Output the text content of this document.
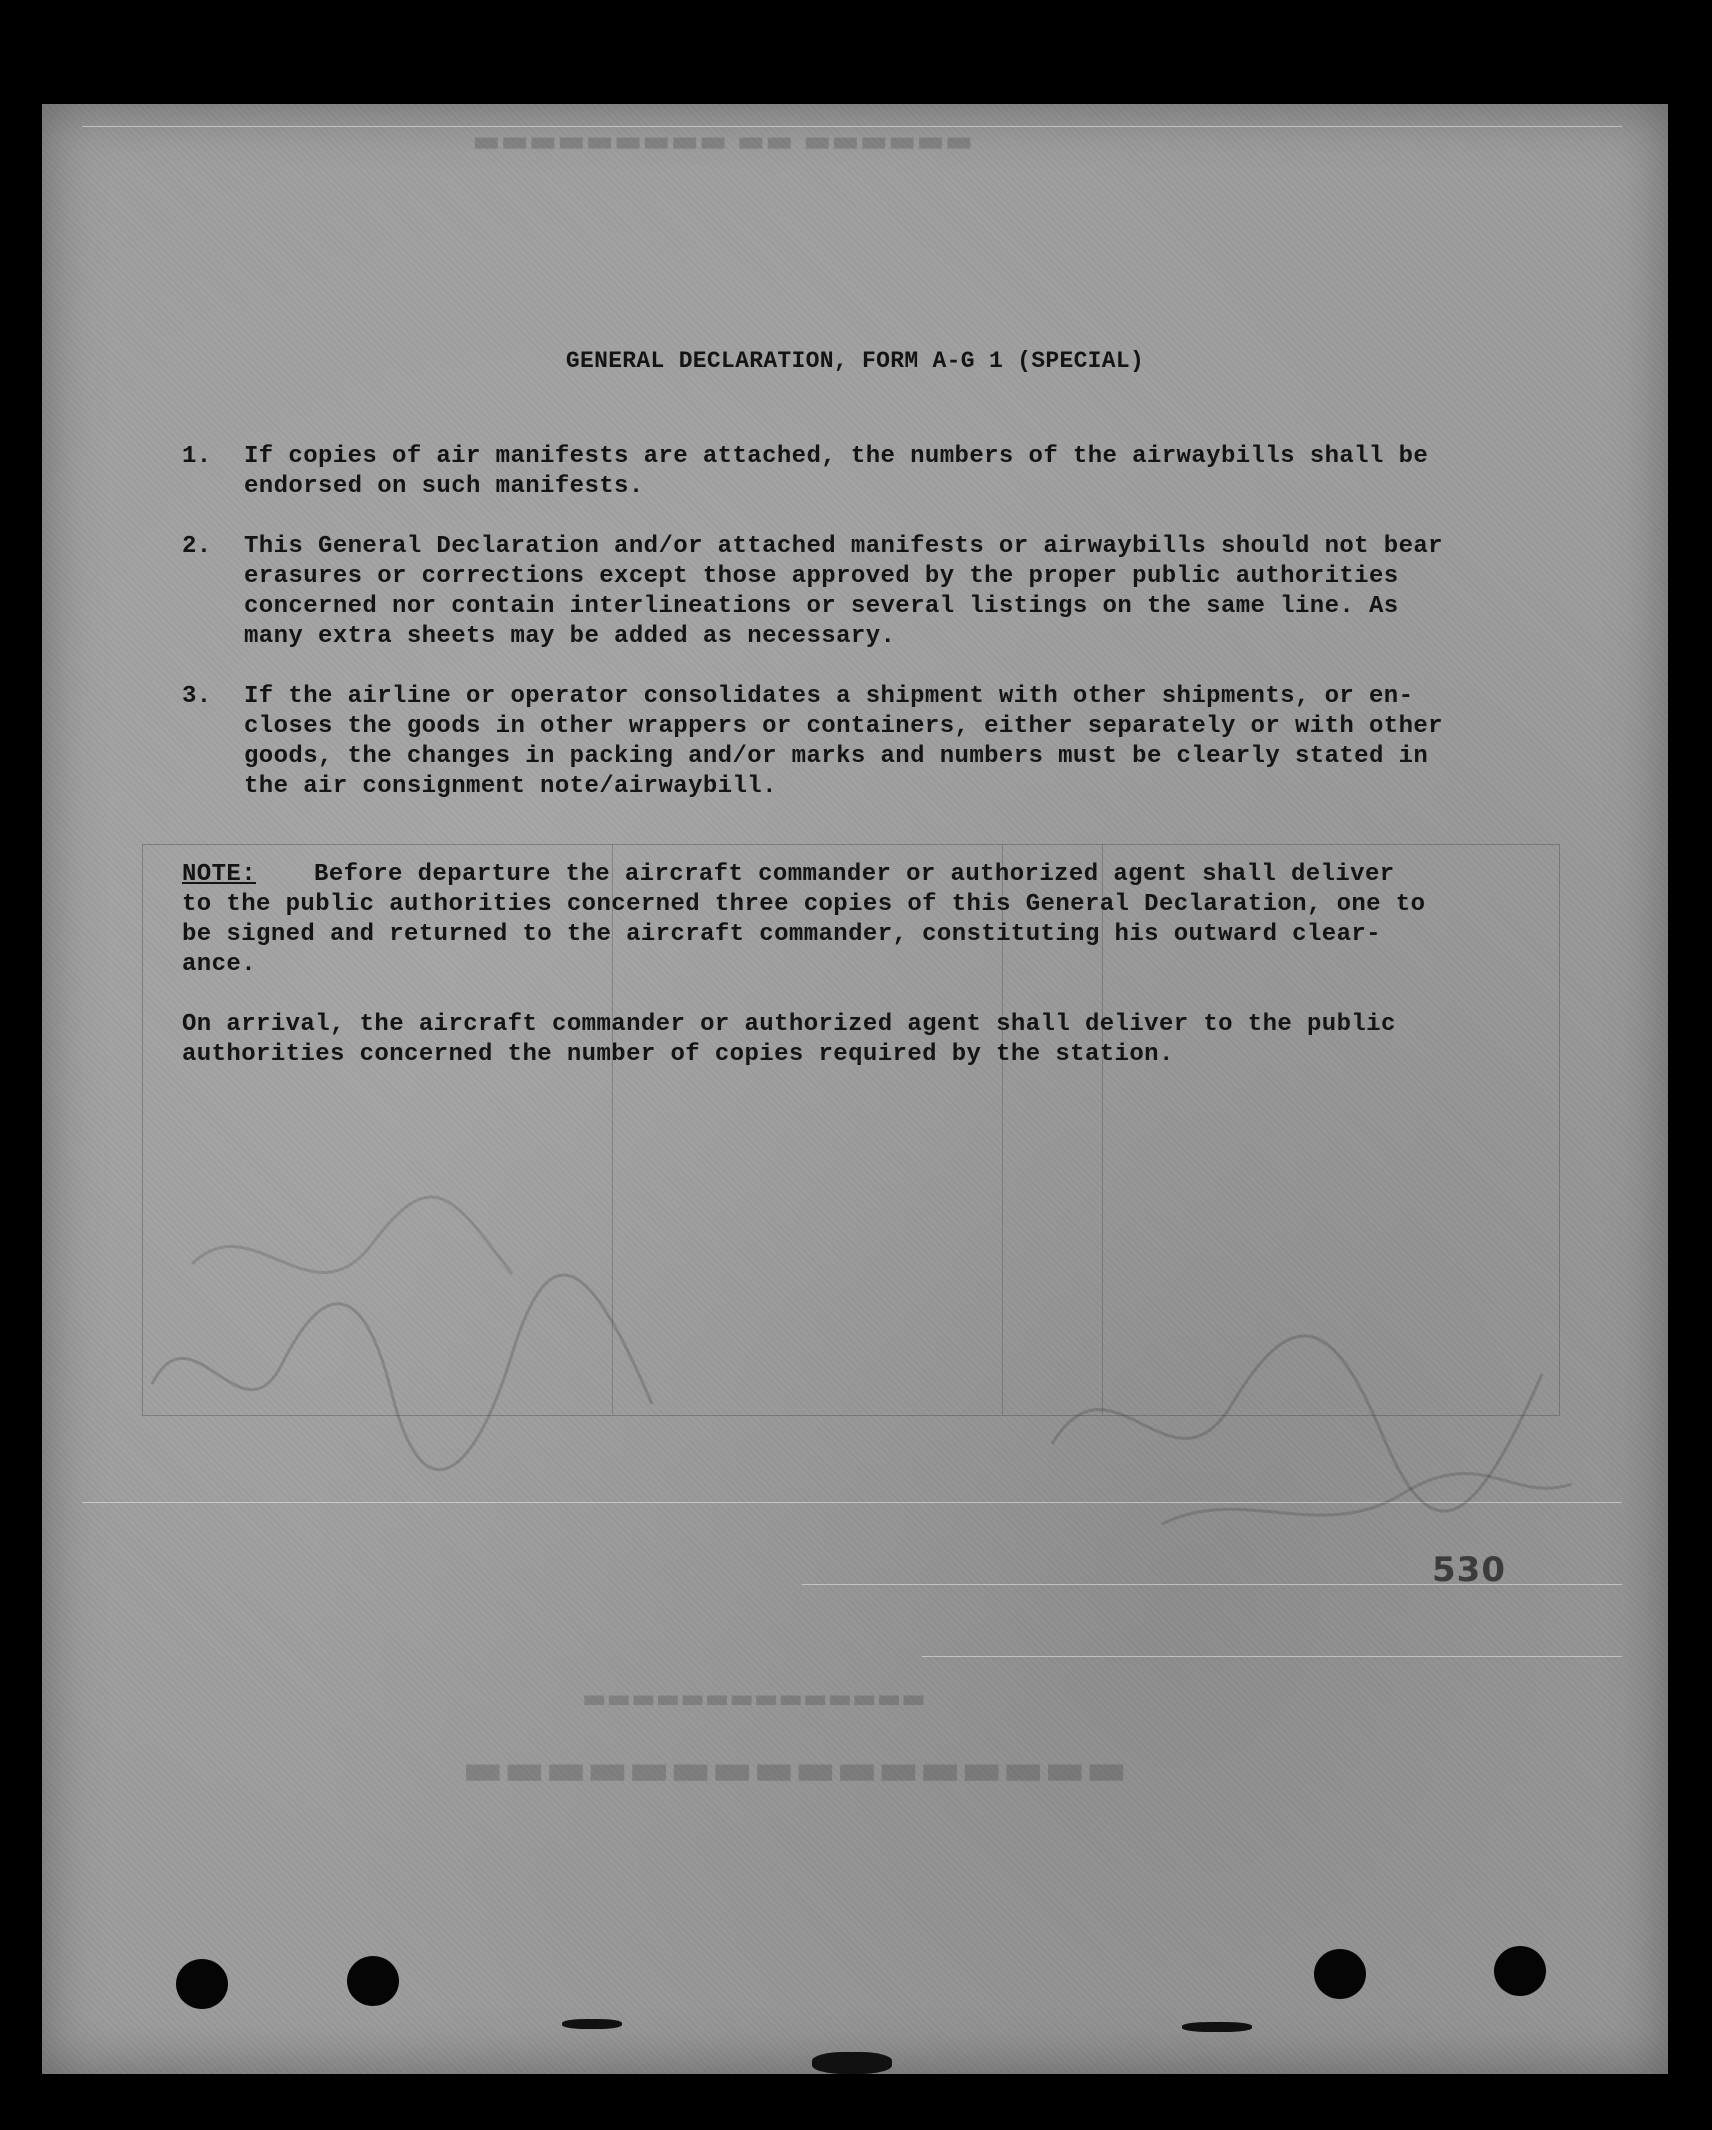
▬▬▬▬▬▬ ▬▬ ▬▬▬▬▬▬▬▬▬
▬▬▬▬▬▬▬▬▬▬▬▬▬▬▬▬
▬▬▬▬▬▬▬▬▬▬▬▬▬▬
GENERAL DECLARATION, FORM A-G 1 (SPECIAL)
1.	If copies of air manifests are attached, the numbers of the airwaybills shall be
endorsed on such manifests.
2.	This General Declaration and/or attached manifests or airwaybills should not bear
erasures or corrections except those approved by the proper public authorities
concerned nor contain interlineations or several listings on the same line. As
many extra sheets may be added as necessary.
3.	If the airline or operator consolidates a shipment with other shipments, or en-
closes the goods in other wrappers or containers, either separately or with other
goods, the changes in packing and/or marks and numbers must be clearly stated in
the air consignment note/airwaybill.
NOTE: Before departure the aircraft commander or authorized agent shall deliver
to the public authorities concerned three copies of this General Declaration, one to
be signed and returned to the aircraft commander, constituting his outward clear-
ance.
On arrival, the aircraft commander or authorized agent shall deliver to the public
authorities concerned the number of copies required by the station.
530
